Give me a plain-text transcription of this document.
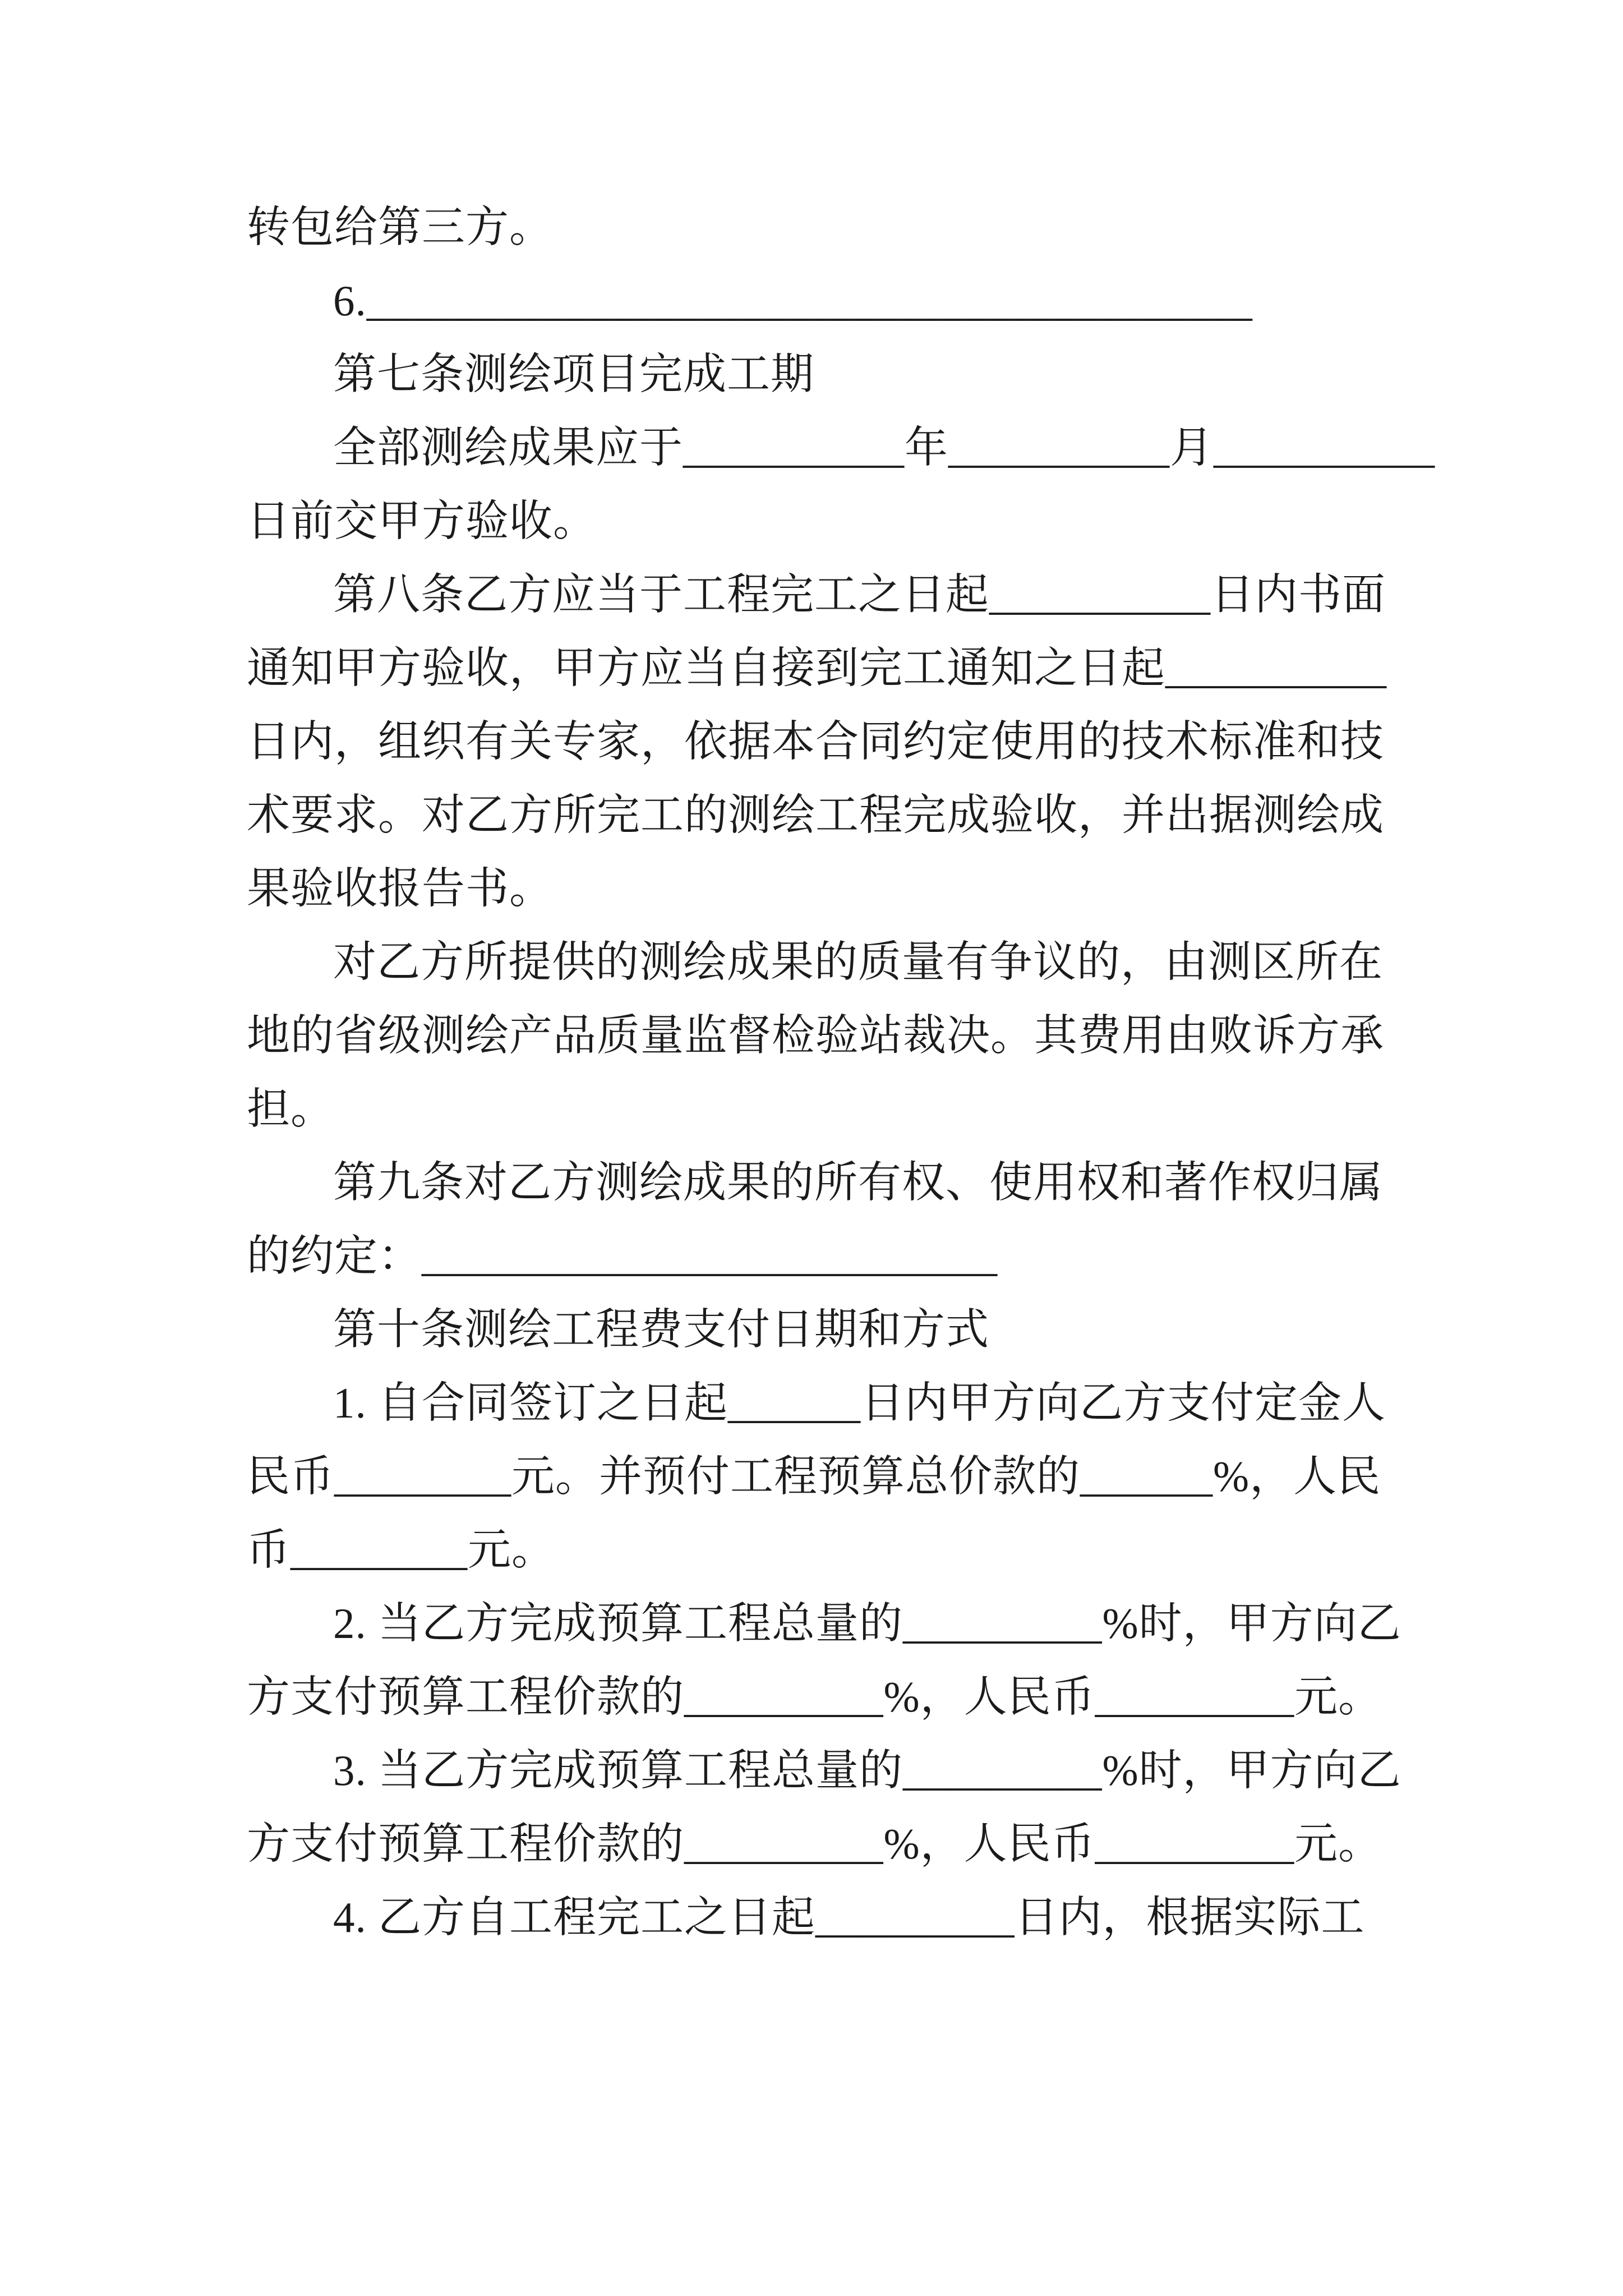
转包给第三方。

6.________________________________________

第七条测绘项目完成工期

全部测绘成果应于__________年__________月__________

日前交甲方验收。

第八条乙方应当于工程完工之日起__________日内书面

通知甲方验收，甲方应当自接到完工通知之日起__________

日内，组织有关专家，依据本合同约定使用的技术标准和技

术要求。对乙方所完工的测绘工程完成验收，并出据测绘成

果验收报告书。

对乙方所提供的测绘成果的质量有争议的，由测区所在

地的省级测绘产品质量监督检验站裁决。其费用由败诉方承

担。

第九条对乙方测绘成果的所有权、使用权和著作权归属

的约定：__________________________

第十条测绘工程费支付日期和方式

1. 自合同签订之日起______日内甲方向乙方支付定金人

民币________元。并预付工程预算总价款的______%，人民

币________元。

2. 当乙方完成预算工程总量的_________%时，甲方向乙

方支付预算工程价款的_________%，人民币_________元。

3. 当乙方完成预算工程总量的_________%时，甲方向乙

方支付预算工程价款的_________%，人民币_________元。

4. 乙方自工程完工之日起_________日内，根据实际工
